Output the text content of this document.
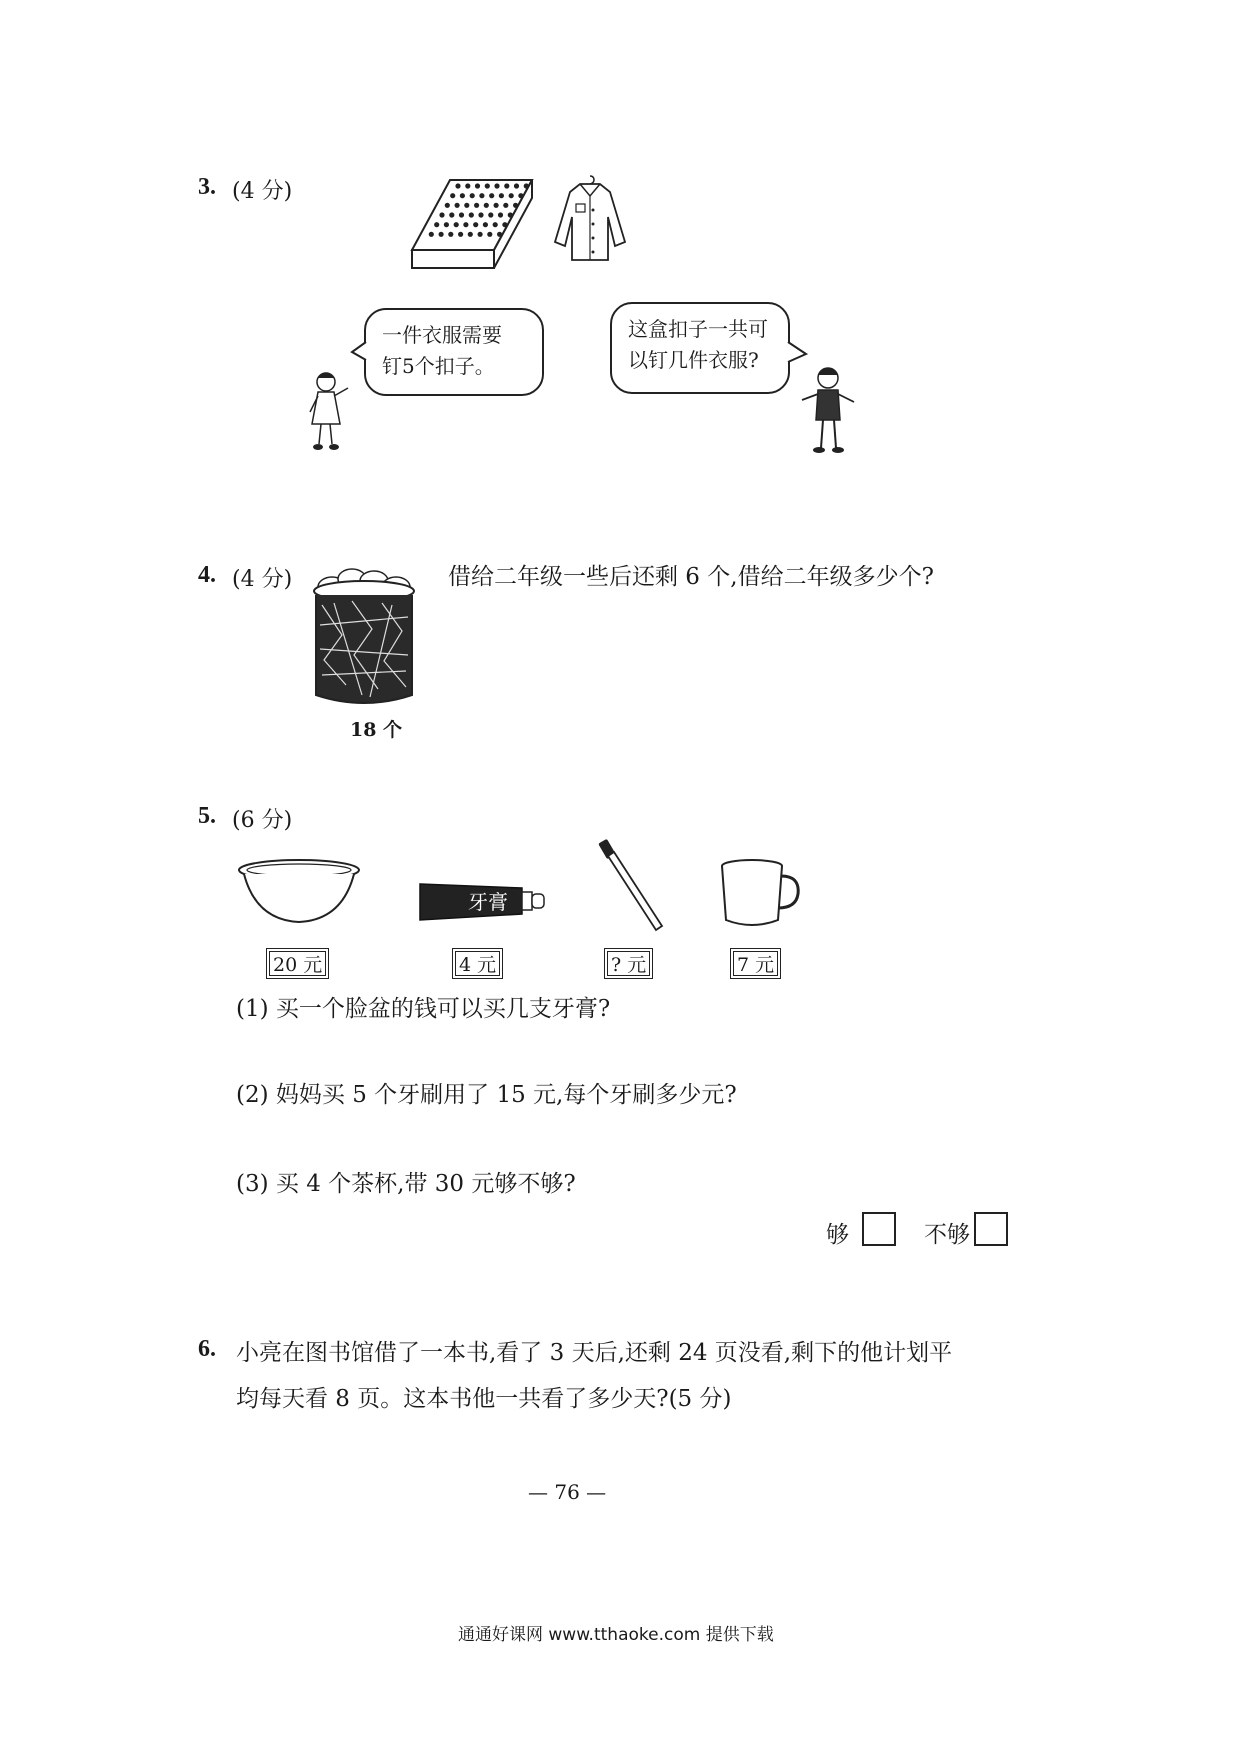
3. (4 分)
一件衣服需要
钉5个扣子。
这盒扣子一共可
以钉几件衣服?
4. (4 分)
18 个
借给二年级一些后还剩 6 个,借给二年级多少个?
5. (6 分)
牙膏
20 元	4 元	? 元	7 元
(1) 买一个脸盆的钱可以买几支牙膏?
(2) 妈妈买 5 个牙刷用了 15 元,每个牙刷多少元?
(3) 买 4 个茶杯,带 30 元够不够?
够	不够
6. 小亮在图书馆借了一本书,看了 3 天后,还剩 24 页没看,剩下的他计划平
均每天看 8 页。这本书他一共看了多少天?(5 分)
— 76 —
通通好课网 www.tthaoke.com 提供下载
